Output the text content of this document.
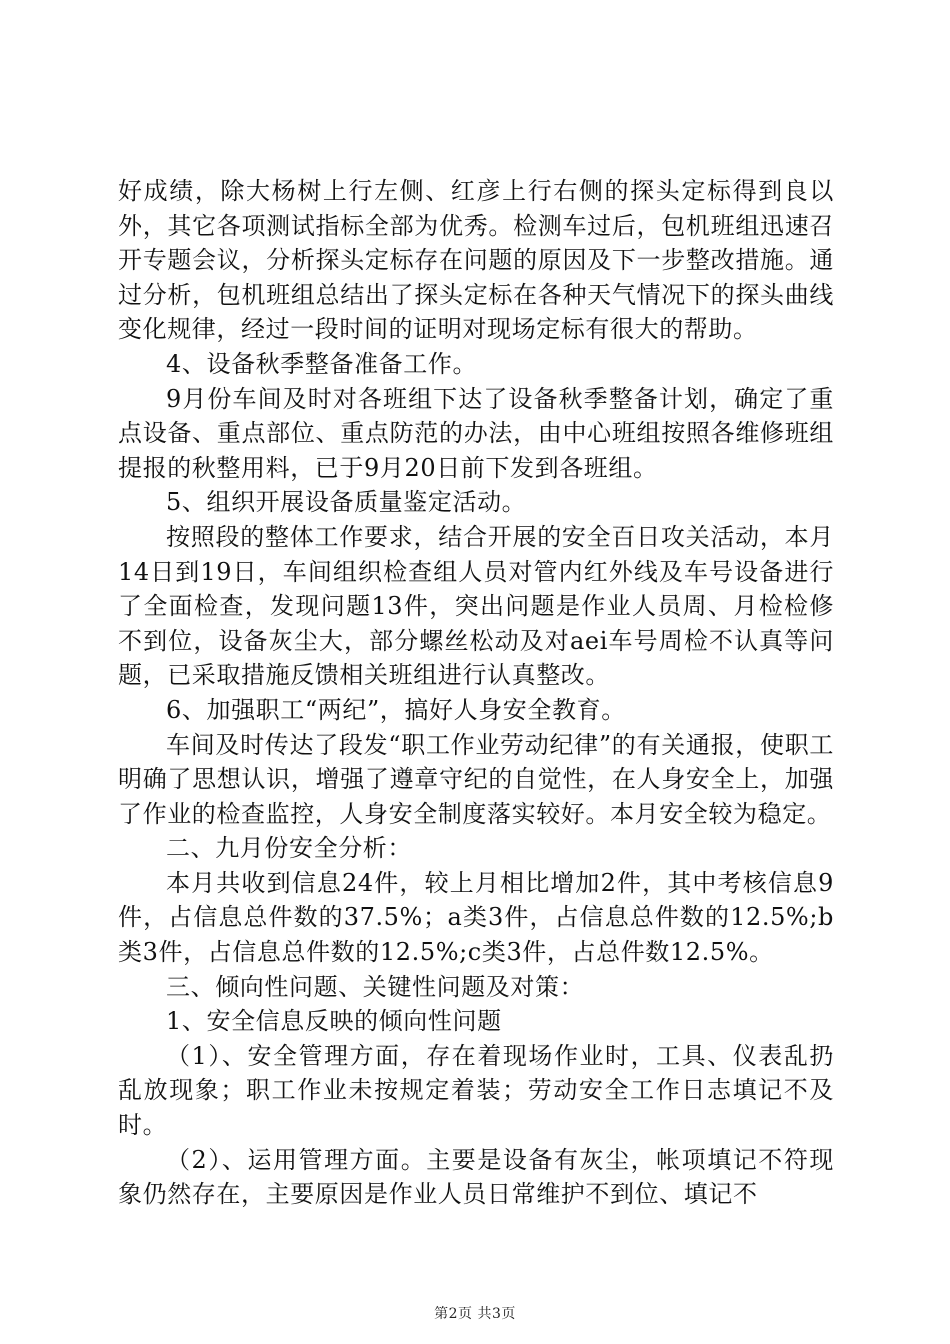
好成绩，除大杨树上行左侧、红彦上行右侧的探头定标得到良以外，其它各项测试指标全部为优秀。检测车过后，包机班组迅速召开专题会议，分析探头定标存在问题的原因及下一步整改措施。通过分析，包机班组总结出了探头定标在各种天气情况下的探头曲线变化规律，经过一段时间的证明对现场定标有很大的帮助。

4、设备秋季整备准备工作。

9月份车间及时对各班组下达了设备秋季整备计划，确定了重点设备、重点部位、重点防范的办法，由中心班组按照各维修班组提报的秋整用料，已于9月20日前下发到各班组。

5、组织开展设备质量鉴定活动。

按照段的整体工作要求，结合开展的安全百日攻关活动，本月14日到19日，车间组织检查组人员对管内红外线及车号设备进行了全面检查，发现问题13件，突出问题是作业人员周、月检检修不到位，设备灰尘大，部分螺丝松动及对aei车号周检不认真等问题，已采取措施反馈相关班组进行认真整改。

6、加强职工“两纪”，搞好人身安全教育。

车间及时传达了段发“职工作业劳动纪律”的有关通报，使职工明确了思想认识，增强了遵章守纪的自觉性，在人身安全上，加强了作业的检查监控，人身安全制度落实较好。本月安全较为稳定。

二、九月份安全分析：

本月共收到信息24件，较上月相比增加2件，其中考核信息9件，占信息总件数的37.5%；a类3件，占信息总件数的12.5%;b类3件，占信息总件数的12.5%;c类3件，占总件数12.5%。

三、倾向性问题、关键性问题及对策：

1、安全信息反映的倾向性问题

（1）、安全管理方面，存在着现场作业时，工具、仪表乱扔乱放现象；职工作业未按规定着装；劳动安全工作日志填记不及时。

（2）、运用管理方面。主要是设备有灰尘，帐项填记不符现象仍然存在，主要原因是作业人员日常维护不到位、填记不

第2页 共3页
